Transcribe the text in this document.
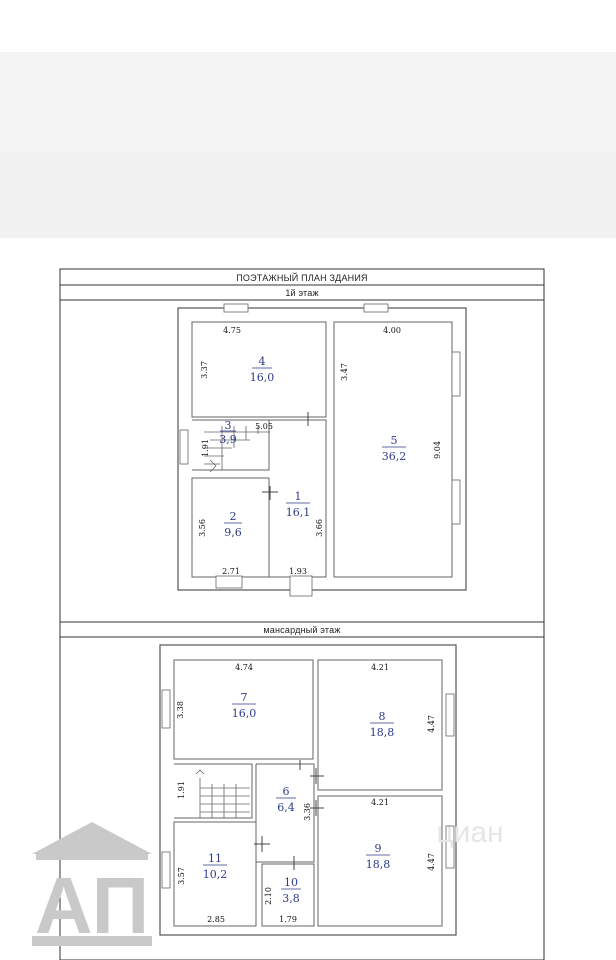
ПОЭТАЖНЫЙ ПЛАН ЗДАНИЯ
1й этаж
мансардный этаж
4
16,0
5
36,2
3
3,9
2
9,6
1
16,1
7
16,0	8
18,8
6
6,4
9
18,8
11
10,2
10
3,8
4.75	4.00
3.37	3.47
5.05
1.91	9.04
3.56	3.66
2.71	1.93
4.74	4.21
3.38
4.47
1.91
4.21
3.36
3.57
4.47
2.10
2.85	1.79
циан
АП
